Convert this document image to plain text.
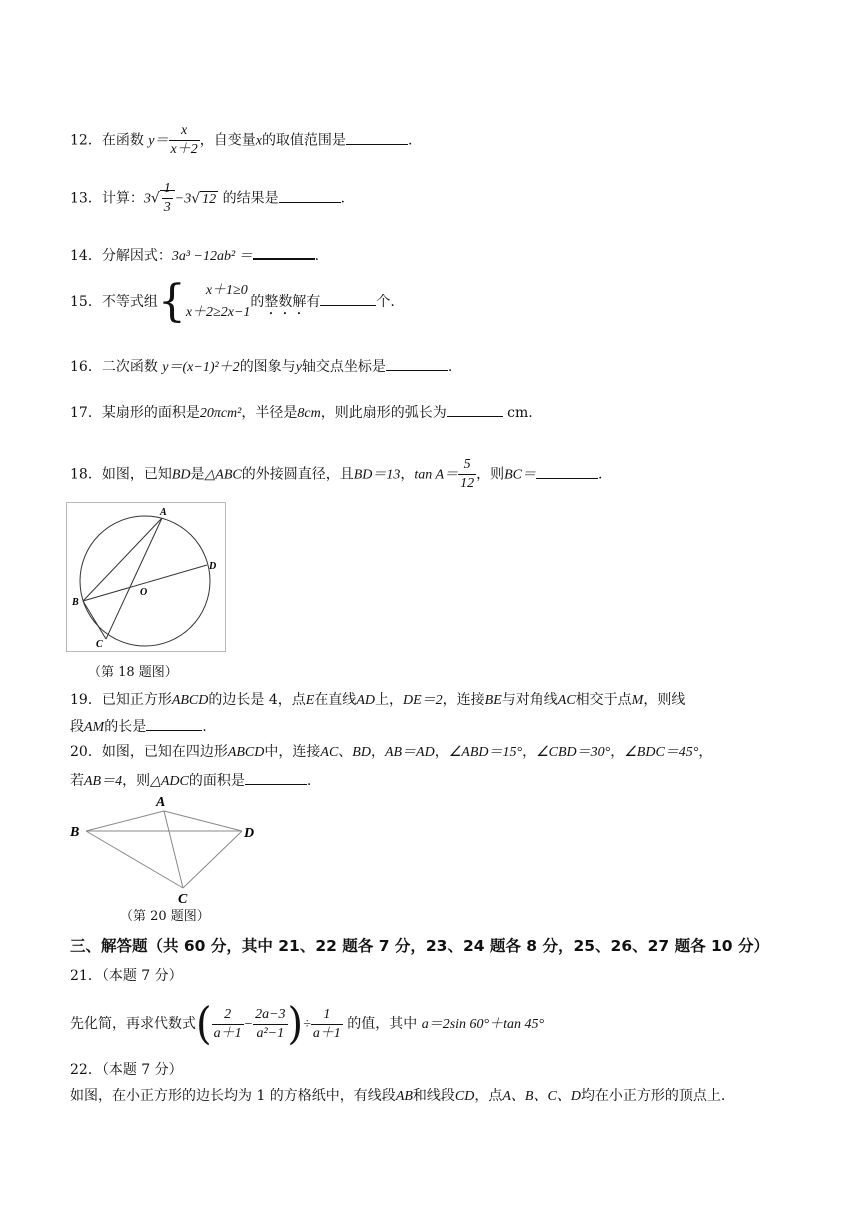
12．在函数 $y= \frac{x}{x+2}$ ，自变量x的取值范围是	.
13．计算：$3√ \frac{1}{3} -3√$ 12 的结果是	.
14．分解因式：3a³ −12ab² ＝	.
15．不等式组{	x＋1≥0
x＋2≥2x−1
的整数解有	个.
16．二次函数 y＝(x−1)²＋2的图象与y轴交点坐标是	.
17．某扇形的面积是20πcm²，半径是8cm，则此扇形的弧长为	cm.
18．如图，已知BD是△ABC的外接圆直径，且BD＝13，$\tan A= \frac{5}{12}$ ，则BC＝	.
A
B
C
D
O
（第 18 题图）
19．已知正方形ABCD的边长是 4，点E在直线AD上，DE＝2，连接BE与对角线AC相交于点M，则线
段AM的长是	.
20．如图，已知在四边形ABCD中，连接AC、BD，AB＝AD，∠ABD＝15°，∠CBD＝30°，∠BDC＝45°，
若AB＝4，则△ADC的面积是	.
A
B
C
D
（第 20 题图）
三、解答题（共 60 分，其中 21、22 题各 7 分，23、24 题各 8 分，25、26、27 题各 10 分）
21．（本题 7 分）
先化简，再求代数式( $\frac{2}{a+1} - \frac{2a-3}{\text{a²−1}}$ )÷ $\frac{1}{a+1}$ 的值，其中 a＝2sin 60°＋tan 45°
22．（本题 7 分）
如图，在小正方形的边长均为 1 的方格纸中，有线段AB和线段CD，点A、B、C、D均在小正方形的顶点上.
